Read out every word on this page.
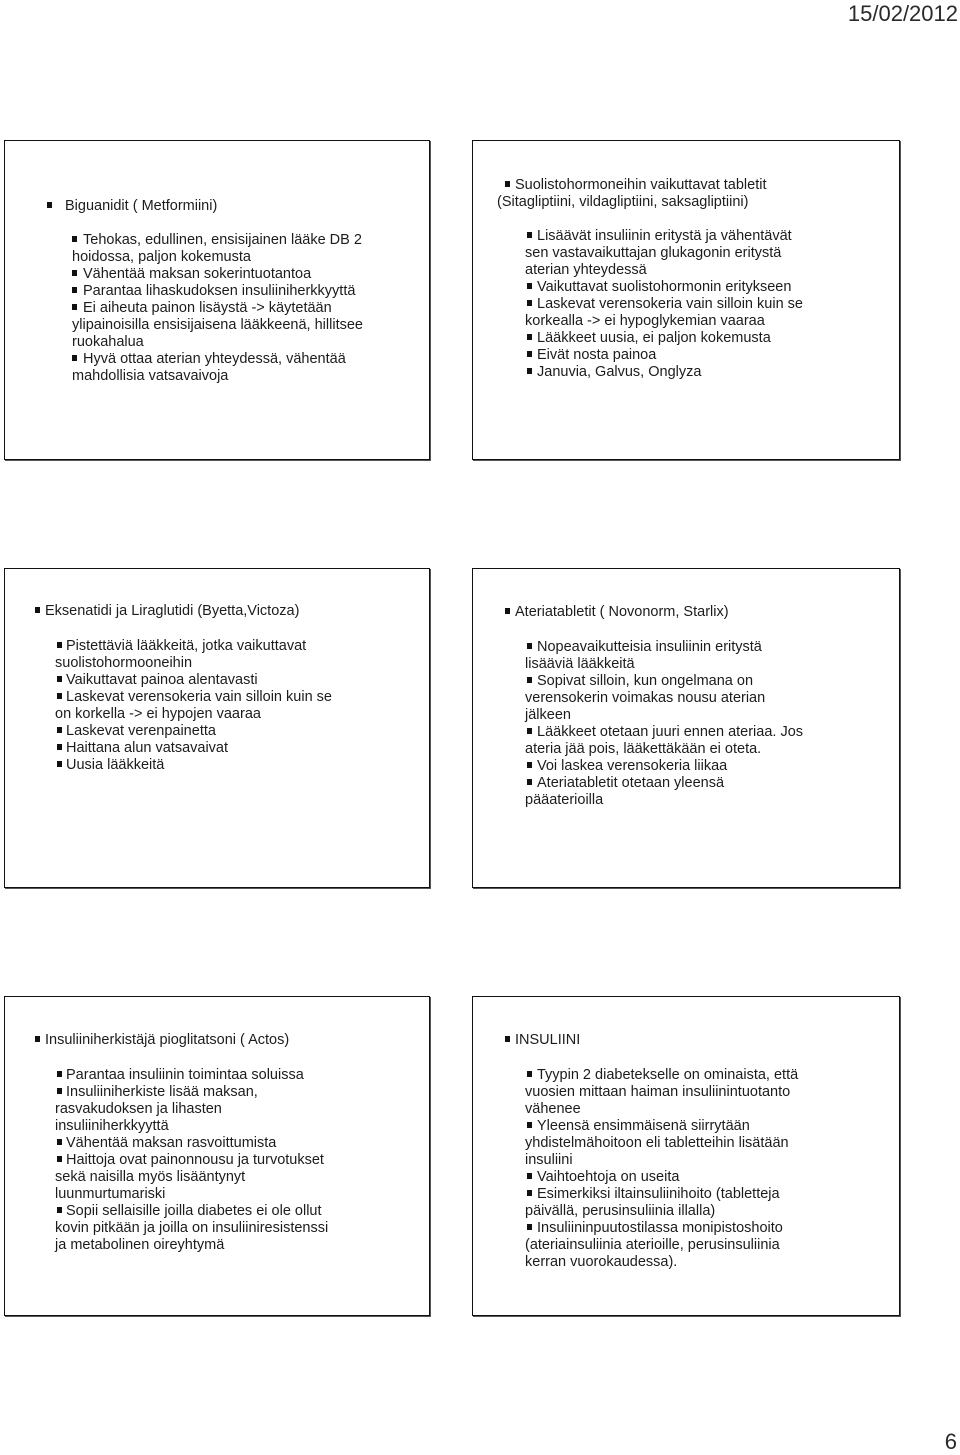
15/02/2012
Biguanidit ( Metformiini)
Tehokas, edullinen, ensisijainen lääke DB 2
hoidossa, paljon kokemusta
Vähentää maksan sokerintuotantoa
Parantaa lihaskudoksen insuliiniherkkyyttä
Ei aiheuta painon lisäystä -> käytetään
ylipainoisilla ensisijaisena lääkkeenä, hillitsee
ruokahalua
Hyvä ottaa aterian yhteydessä, vähentää
mahdollisia vatsavaivoja
Suolistohormoneihin vaikuttavat tabletit
(Sitagliptiini, vildagliptiini, saksagliptiini)
Lisäävät insuliinin eritystä ja vähentävät
sen vastavaikuttajan glukagonin eritystä
aterian yhteydessä
Vaikuttavat suolistohormonin eritykseen
Laskevat verensokeria vain silloin kuin se
korkealla -> ei hypoglykemian vaaraa
Lääkkeet uusia, ei paljon kokemusta
Eivät nosta painoa
Januvia, Galvus, Onglyza
Eksenatidi ja Liraglutidi (Byetta,Victoza)
Pistettäviä lääkkeitä, jotka vaikuttavat
suolistohormooneihin
Vaikuttavat painoa alentavasti
Laskevat verensokeria vain silloin kuin se
on korkella -> ei hypojen vaaraa
Laskevat verenpainetta
Haittana alun vatsavaivat
Uusia lääkkeitä
Ateriatabletit ( Novonorm, Starlix)
Nopeavaikutteisia insuliinin eritystä
lisääviä lääkkeitä
Sopivat silloin, kun ongelmana on
verensokerin voimakas nousu aterian
jälkeen
Lääkkeet otetaan juuri ennen ateriaa. Jos
ateria jää pois, lääkettäkään ei oteta.
Voi laskea verensokeria liikaa
Ateriatabletit otetaan yleensä
pääaterioilla
Insuliiniherkistäjä pioglitatsoni ( Actos)
Parantaa insuliinin toimintaa soluissa
Insuliiniherkiste lisää maksan,
rasvakudoksen ja lihasten
insuliiniherkkyyttä
Vähentää maksan rasvoittumista
Haittoja ovat painonnousu ja turvotukset
sekä naisilla myös lisääntynyt
luunmurtumariski
Sopii sellaisille joilla diabetes ei ole ollut
kovin pitkään ja joilla on insuliiniresistenssi
ja metabolinen oireyhtymä
INSULIINI
Tyypin 2 diabetekselle on ominaista, että
vuosien mittaan haiman insuliinintuotanto
vähenee
Yleensä ensimmäisenä siirrytään
yhdistelmähoitoon eli tabletteihin lisätään
insuliini
Vaihtoehtoja on useita
Esimerkiksi iltainsuliinihoito (tabletteja
päivällä, perusinsuliinia illalla)
Insuliininpuutostilassa monipistoshoito
(ateriainsuliinia aterioille, perusinsuliinia
kerran vuorokaudessa).
6
